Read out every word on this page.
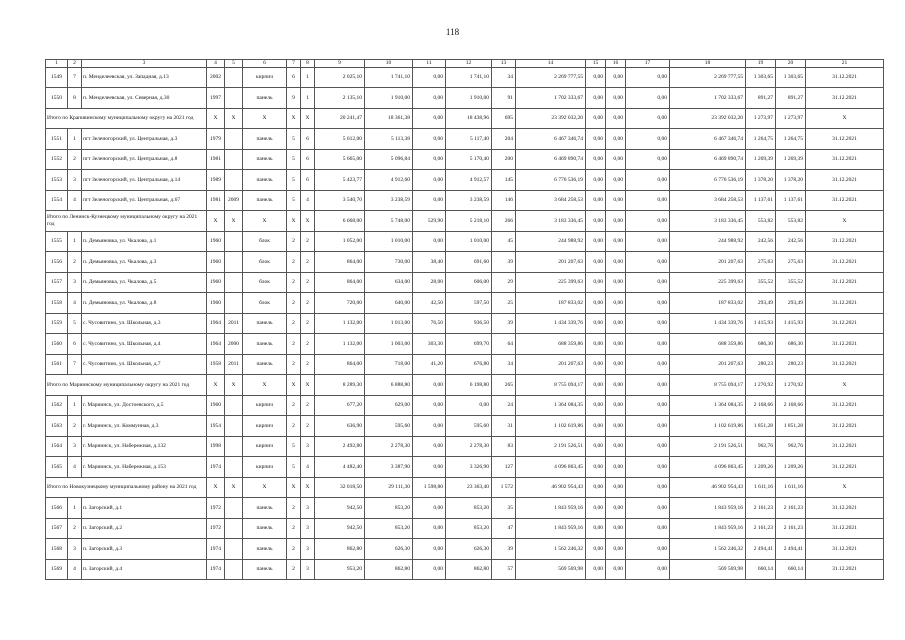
118
1	2	3	4	5	6	7	8	9	10	11	12	13	14	15	16	17	18	19	20	21
1549	7	п. Менделеевская, ул. Западная, д.13	2002		кирпич	6	1	2 025,10	1 741,10	0,00	1 741,10	34	2 269 777,55	0,00	0,00	0,00	2 269 777,55	1 303,65	1 303,65	31.12.2021
1550	8	п. Менделеевская, ул. Северная, д.30	1997		панель	9	1	2 135,10	1 910,00	0,00	1 910,00	91	1 702 333,67	0,00	0,00	0,00	1 702 333,67	891,27	891,27	31.12.2021
Итого по Крапивинскому муниципальному округу на 2021 год			X	X	X	X	X	20 241,47	18 361,38	0,00	18 438,96	695	23 392 032,20	0,00	0,00	0,00	23 392 032,20	1 273,97	1 273,97	X
1551	1	пгт Зеленогорский, ул. Центральная, д.3	1979		панель	5	6	5 612,00	5 113,38	0,00	5 117,40	204	6 467 346,74	0,00	0,00	0,00	6 467 346,74	1 264,75	1 264,75	31.12.2021
1552	2	пгт Зеленогорский, ул. Центральная, д.8	1981		панель	5	6	5 665,00	5 096,84	0,00	5 170,40	200	6 469 890,74	0,00	0,00	0,00	6 469 890,74	1 269,39	1 269,39	31.12.2021
1553	3	пгт Зеленогорский, ул. Центральная, д.14	1989		панель	5	6	5 423,77	4 912,60	0,00	4 912,57	145	6 770 536,19	0,00	0,00	0,00	6 770 536,19	1 378,20	1 378,20	31.12.2021
1554	4	пгт Зеленогорский, ул. Центральная, д.67	1981	2009	панель	5	4	3 540,70	3 238,59	0,00	3 238,59	146	3 684 258,53	0,00	0,00	0,00	3 684 258,53	1 137,61	1 137,61	31.12.2021
Итого по Ленинск-Кузнецкому муниципальному округу на 2021 год			X	X	X	X	X	6 668,00	5 748,00	529,90	5 218,10	266	3 183 336,45	0,00	0,00	0,00	3 183 336,45	553,82	553,82	X
1555	1	п. Демьяновка, ул. Чкалова, д.1	1960		блок	2	2	1 052,00	1 010,00	0,00	1 010,00	45	244 988,92	0,00	0,00	0,00	244 988,92	242,56	242,56	31.12.2021
1556	2	п. Демьяновка, ул. Чкалова, д.3	1960		блок	2	2	864,00	730,00	38,40	691,60	39	201 207,63	0,00	0,00	0,00	201 207,63	275,63	275,63	31.12.2021
1557	3	п. Демьяновка, ул. Чкалова, д.5	1960		блок	2	2	864,00	634,00	28,00	606,00	29	225 399,63	0,00	0,00	0,00	225 399,63	355,52	355,52	31.12.2021
1558	4	п. Демьяновка, ул. Чкалова, д.8	1960		блок	2	2	720,00	640,00	42,50	597,50	25	187 833,02	0,00	0,00	0,00	187 833,02	293,49	293,49	31.12.2021
1559	5	с. Чусовитино, ул. Школьная, д.3	1964	2011	панель	2	2	1 132,00	1 013,00	76,50	936,50	39	1 434 339,76	0,00	0,00	0,00	1 434 339,76	1 415,93	1 415,93	31.12.2021
1560	6	с. Чусовитино, ул. Школьная, д.4	1964	2000	панель	2	2	1 132,00	1 003,00	303,30	699,70	64	688 359,86	0,00	0,00	0,00	688 359,86	686,30	686,30	31.12.2021
1561	7	с. Чусовитино, ул. Школьная, д.7	1958	2011	панель	2	2	864,00	718,00	41,20	676,80	34	201 207,63	0,00	0,00	0,00	201 207,63	280,23	280,23	31.12.2021
Итого по Мариинскому муниципальному округу на 2021 год			X	X	X	X	X	8 289,30	6 888,80	0,00	6 198,80	265	8 755 094,17	0,00	0,00	0,00	8 755 094,17	1 270,92	1 270,92	X
1562	1	г. Мариинск, ул. Достоевского, д.5	1960		кирпич	2	2	677,20	629,00	0,00	0,00	24	1 364 084,35	0,00	0,00	0,00	1 364 084,35	2 168,66	2 168,66	31.12.2021
1563	2	г. Мариинск, ул. Коммунная, д.3	1954		кирпич	2	2	636,90	595,60	0,00	595,60	31	1 102 619,86	0,00	0,00	0,00	1 102 619,86	1 851,28	1 851,28	31.12.2021
1564	3	г. Мариинск, ул. Набережная, д.132	1998		кирпич	5	3	2 492,80	2 278,30	0,00	2 278,30	83	2 191 526,51	0,00	0,00	0,00	2 191 526,51	962,76	962,76	31.12.2021
1565	4	г. Мариинск, ул. Набережная, д.153	1974		кирпич	5	4	4 482,40	3 387,90	0,00	3 326,90	127	4 096 863,45	0,00	0,00	0,00	4 096 863,45	1 209,26	1 209,26	31.12.2021
Итого по Новокузнецкому муниципальному району на 2021 год			X	X	X	X	X	32 018,50	29 111,30	1 598,80	23 363,40	1 572	46 902 954,43	0,00	0,00	0,00	46 902 954,43	1 611,16	1 611,16	X
1566	1	п. Загорский, д.1	1972		панель	2	3	942,50	853,20	0,00	853,20	35	1 843 959,16	0,00	0,00	0,00	1 843 959,16	2 161,23	2 161,23	31.12.2021
1567	2	п. Загорский, д.2	1972		панель	2	3	942,50	853,20	0,00	853,20	47	1 843 959,16	0,00	0,00	0,00	1 843 959,16	2 161,23	2 161,23	31.12.2021
1568	3	п. Загорский, д.3	1974		панель	2	3	862,80	626,30	0,00	626,30	39	1 562 246,32	0,00	0,00	0,00	1 562 246,32	2 494,41	2 494,41	31.12.2021
1569	4	п. Загорский, д.4	1974		панель	2	3	953,20	862,80	0,00	862,80	57	569 569,98	0,00	0,00	0,00	569 569,98	660,14	660,14	31.12.2021
